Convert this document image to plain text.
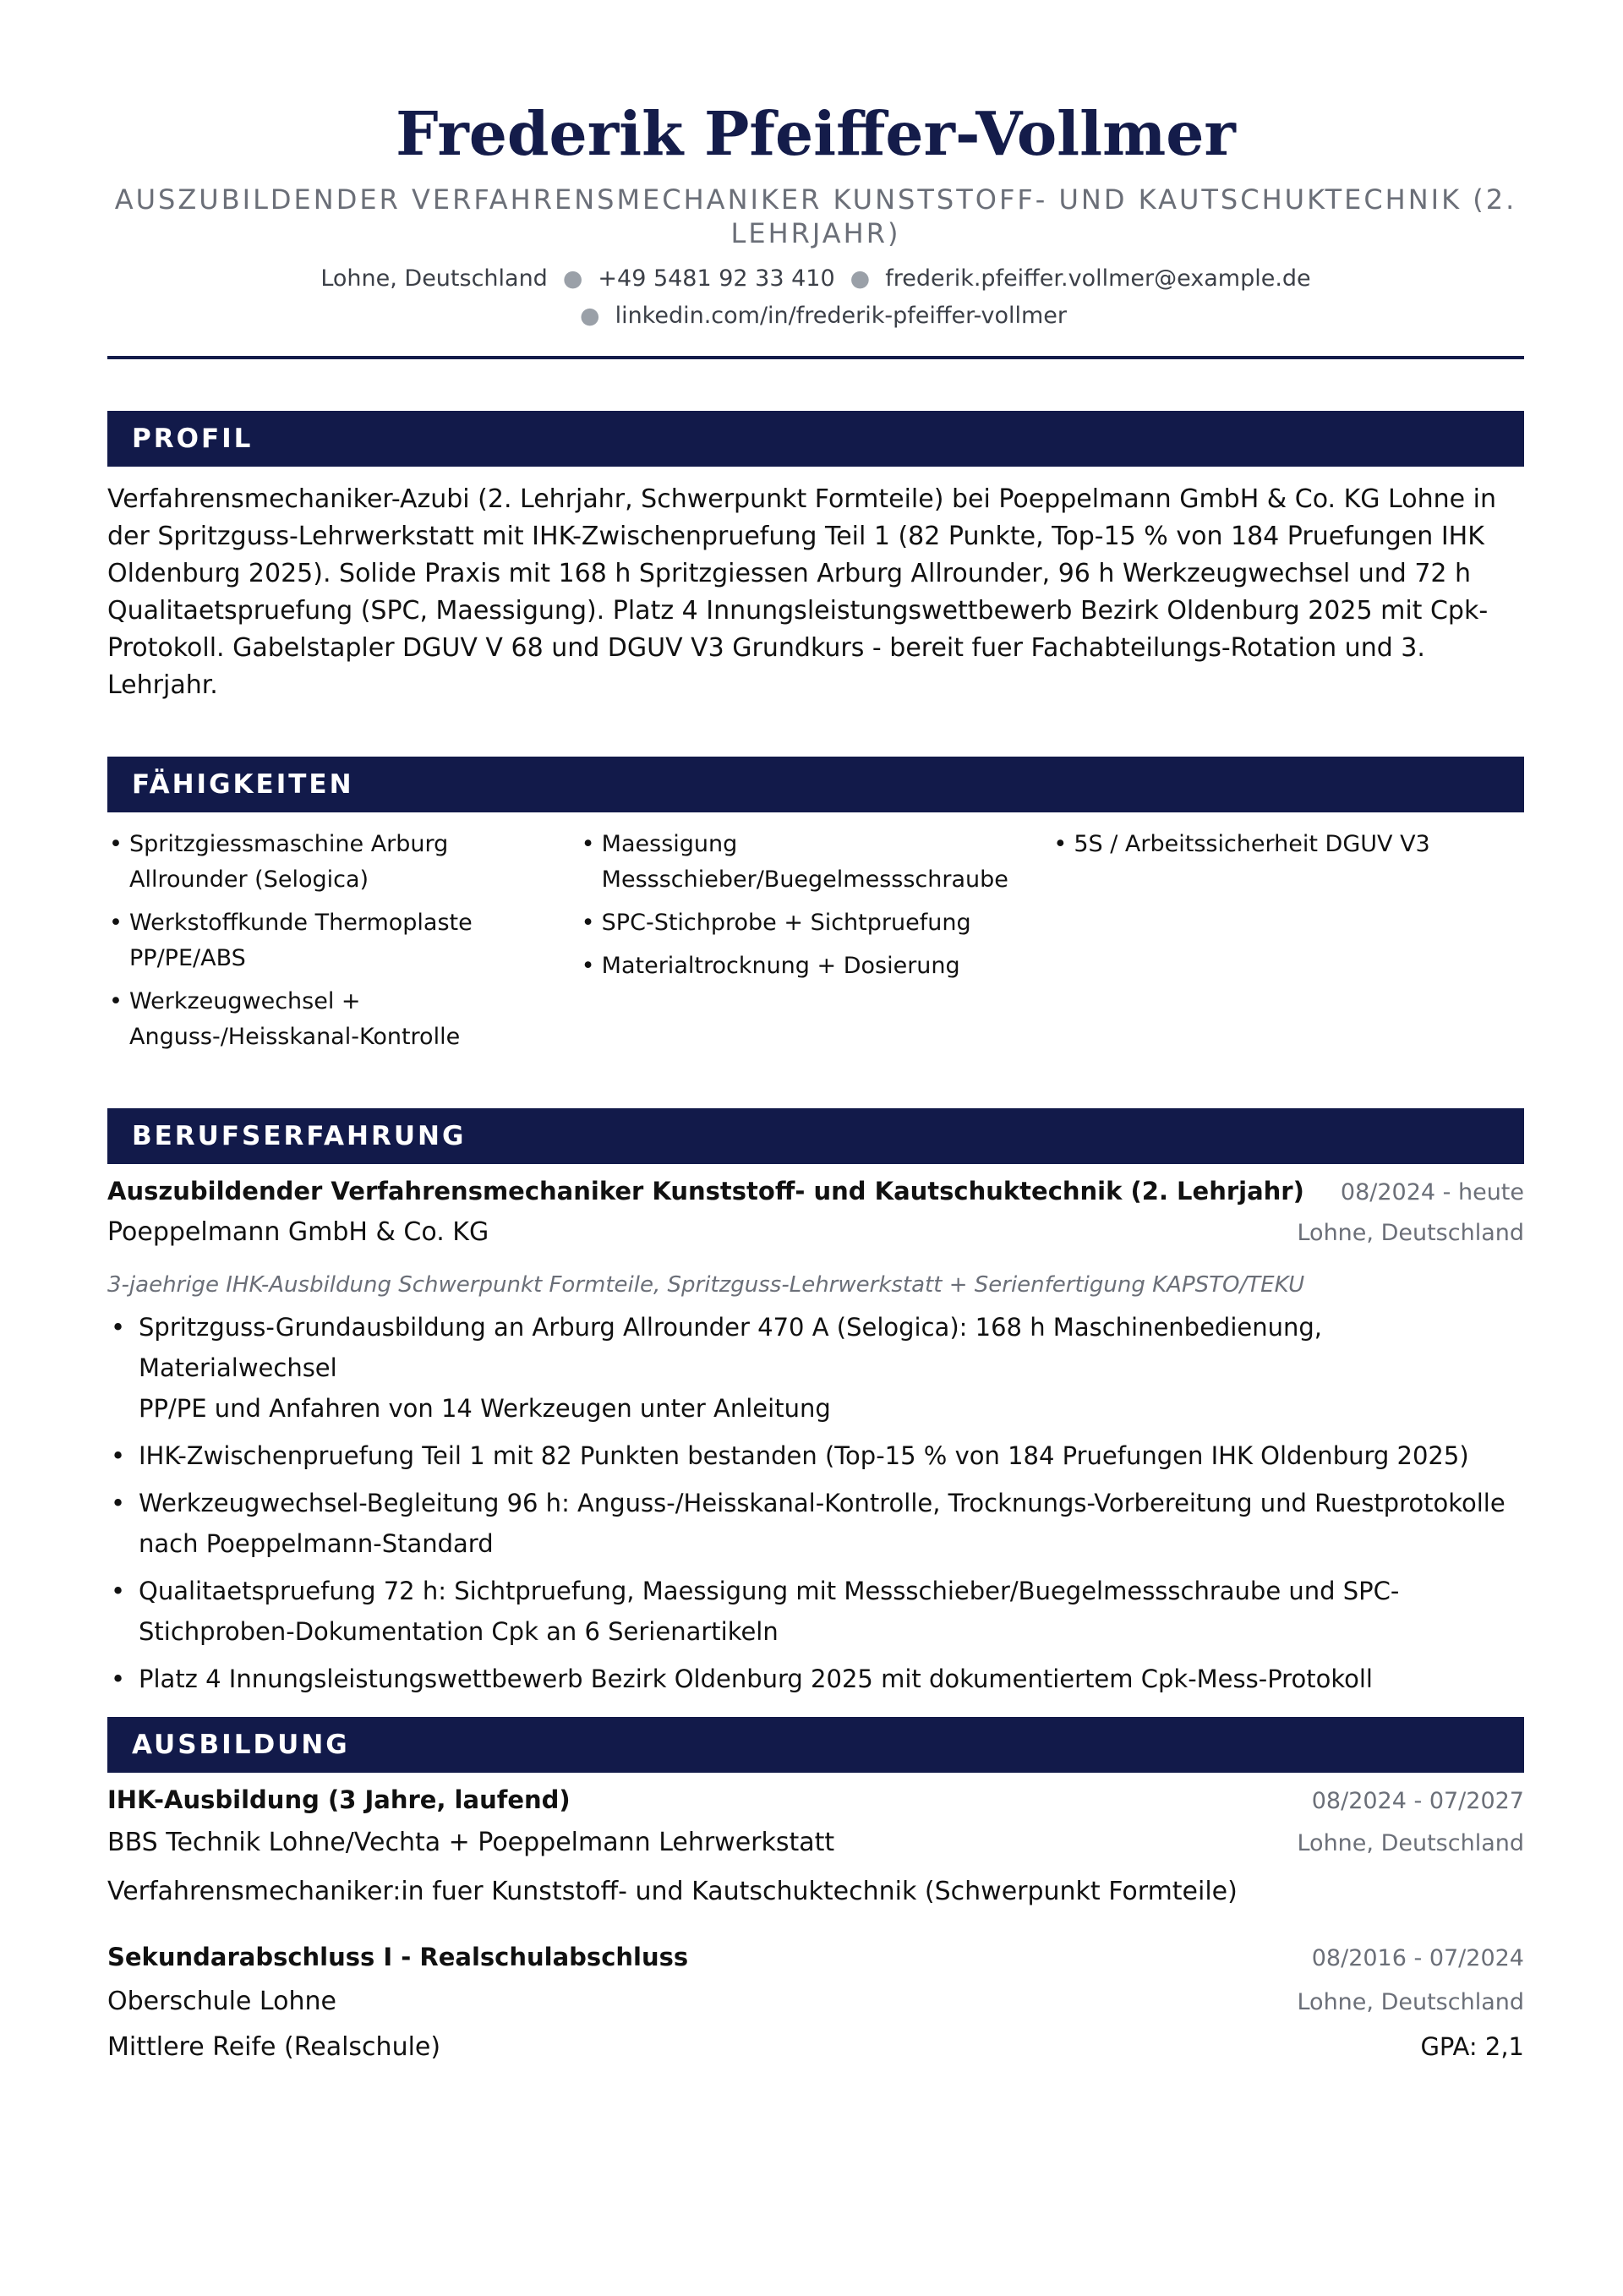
Frederik Pfeiffer-Vollmer
AUSZUBILDENDER VERFAHRENSMECHANIKER KUNSTSTOFF- UND KAUTSCHUKTECHNIK (2.
LEHRJAHR)
Lohne, Deutschland ● +49 5481 92 33 410 ● frederik.pfeiffer.vollmer@example.de
● linkedin.com/in/frederik-pfeiffer-vollmer
PROFIL
Verfahrensmechaniker-Azubi (2. Lehrjahr, Schwerpunkt Formteile) bei Poeppelmann GmbH & Co. KG Lohne in
der Spritzguss-Lehrwerkstatt mit IHK-Zwischenpruefung Teil 1 (82 Punkte, Top-15 % von 184 Pruefungen IHK
Oldenburg 2025). Solide Praxis mit 168 h Spritzgiessen Arburg Allrounder, 96 h Werkzeugwechsel und 72 h
Qualitaetspruefung (SPC, Maessigung). Platz 4 Innungsleistungswettbewerb Bezirk Oldenburg 2025 mit Cpk-
Protokoll. Gabelstapler DGUV V 68 und DGUV V3 Grundkurs - bereit fuer Fachabteilungs-Rotation und 3.
Lehrjahr.
FÄHIGKEITEN
• Spritzgiessmaschine Arburg
Allrounder (Selogica)
• Werkstoffkunde Thermoplaste
PP/PE/ABS
• Werkzeugwechsel +
Anguss-/Heisskanal-Kontrolle
• Maessigung
Messschieber/Buegelmessschraube
• SPC-Stichprobe + Sichtpruefung
• Materialtrocknung + Dosierung
• 5S / Arbeitssicherheit DGUV V3
BERUFSERFAHRUNG
Auszubildender Verfahrensmechaniker Kunststoff- und Kautschuktechnik (2. Lehrjahr) 08/2024 - heute
Poeppelmann GmbH & Co. KG	Lohne, Deutschland
3-jaehrige IHK-Ausbildung Schwerpunkt Formteile, Spritzguss-Lehrwerkstatt + Serienfertigung KAPSTO/TEKU
• Spritzguss-Grundausbildung an Arburg Allrounder 470 A (Selogica): 168 h Maschinenbedienung, Materialwechsel
PP/PE und Anfahren von 14 Werkzeugen unter Anleitung
• IHK-Zwischenpruefung Teil 1 mit 82 Punkten bestanden (Top-15 % von 184 Pruefungen IHK Oldenburg 2025)
• Werkzeugwechsel-Begleitung 96 h: Anguss-/Heisskanal-Kontrolle, Trocknungs-Vorbereitung und Ruestprotokolle
nach Poeppelmann-Standard
• Qualitaetspruefung 72 h: Sichtpruefung, Maessigung mit Messschieber/Buegelmessschraube und SPC-
Stichproben-Dokumentation Cpk an 6 Serienartikeln
• Platz 4 Innungsleistungswettbewerb Bezirk Oldenburg 2025 mit dokumentiertem Cpk-Mess-Protokoll
AUSBILDUNG
IHK-Ausbildung (3 Jahre, laufend)	08/2024 - 07/2027
BBS Technik Lohne/Vechta + Poeppelmann Lehrwerkstatt	Lohne, Deutschland
Verfahrensmechaniker:in fuer Kunststoff- und Kautschuktechnik (Schwerpunkt Formteile)
Sekundarabschluss I - Realschulabschluss	08/2016 - 07/2024
Oberschule Lohne	Lohne, Deutschland
Mittlere Reife (Realschule)	GPA: 2,1
